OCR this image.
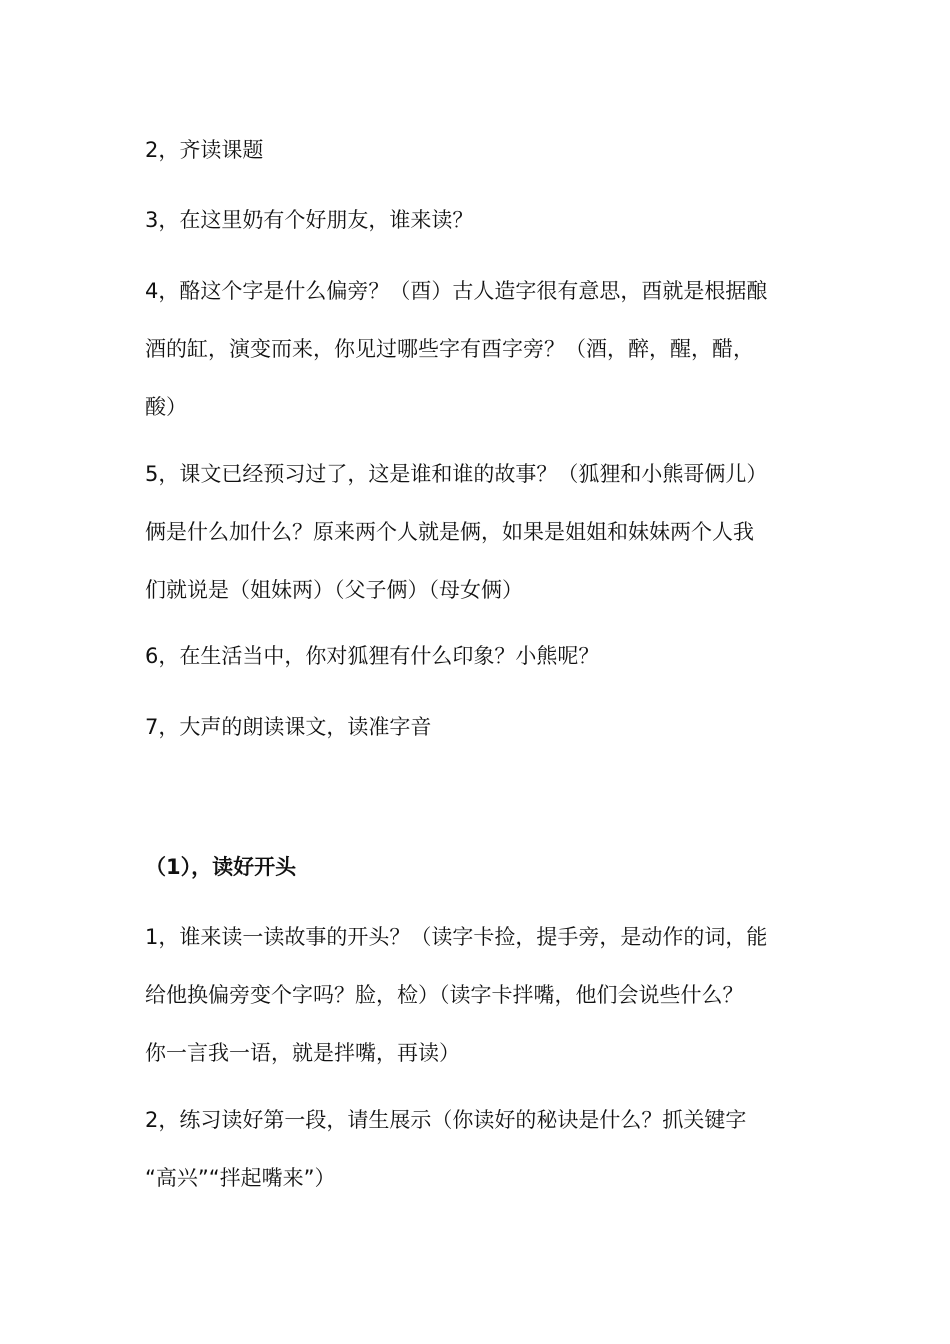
2，齐读课题

3，在这里奶有个好朋友，谁来读？

4，酪这个字是什么偏旁？（酉）古人造字很有意思，酉就是根据酿
酒的缸，演变而来，你见过哪些字有酉字旁？（酒，醉，醒，醋，
酸）

5，课文已经预习过了，这是谁和谁的故事？（狐狸和小熊哥俩儿）
俩是什么加什么？原来两个人就是俩，如果是姐姐和妹妹两个人我
们就说是（姐妹两）（父子俩）（母女俩）

6，在生活当中，你对狐狸有什么印象？小熊呢？

7，大声的朗读课文，读准字音

（1），读好开头

1，谁来读一读故事的开头？（读字卡捡，提手旁，是动作的词，能
给他换偏旁变个字吗？脸，检）（读字卡拌嘴，他们会说些什么？
你一言我一语，就是拌嘴，再读）

2，练习读好第一段，请生展示（你读好的秘诀是什么？抓关键字
“高兴”“拌起嘴来”）
